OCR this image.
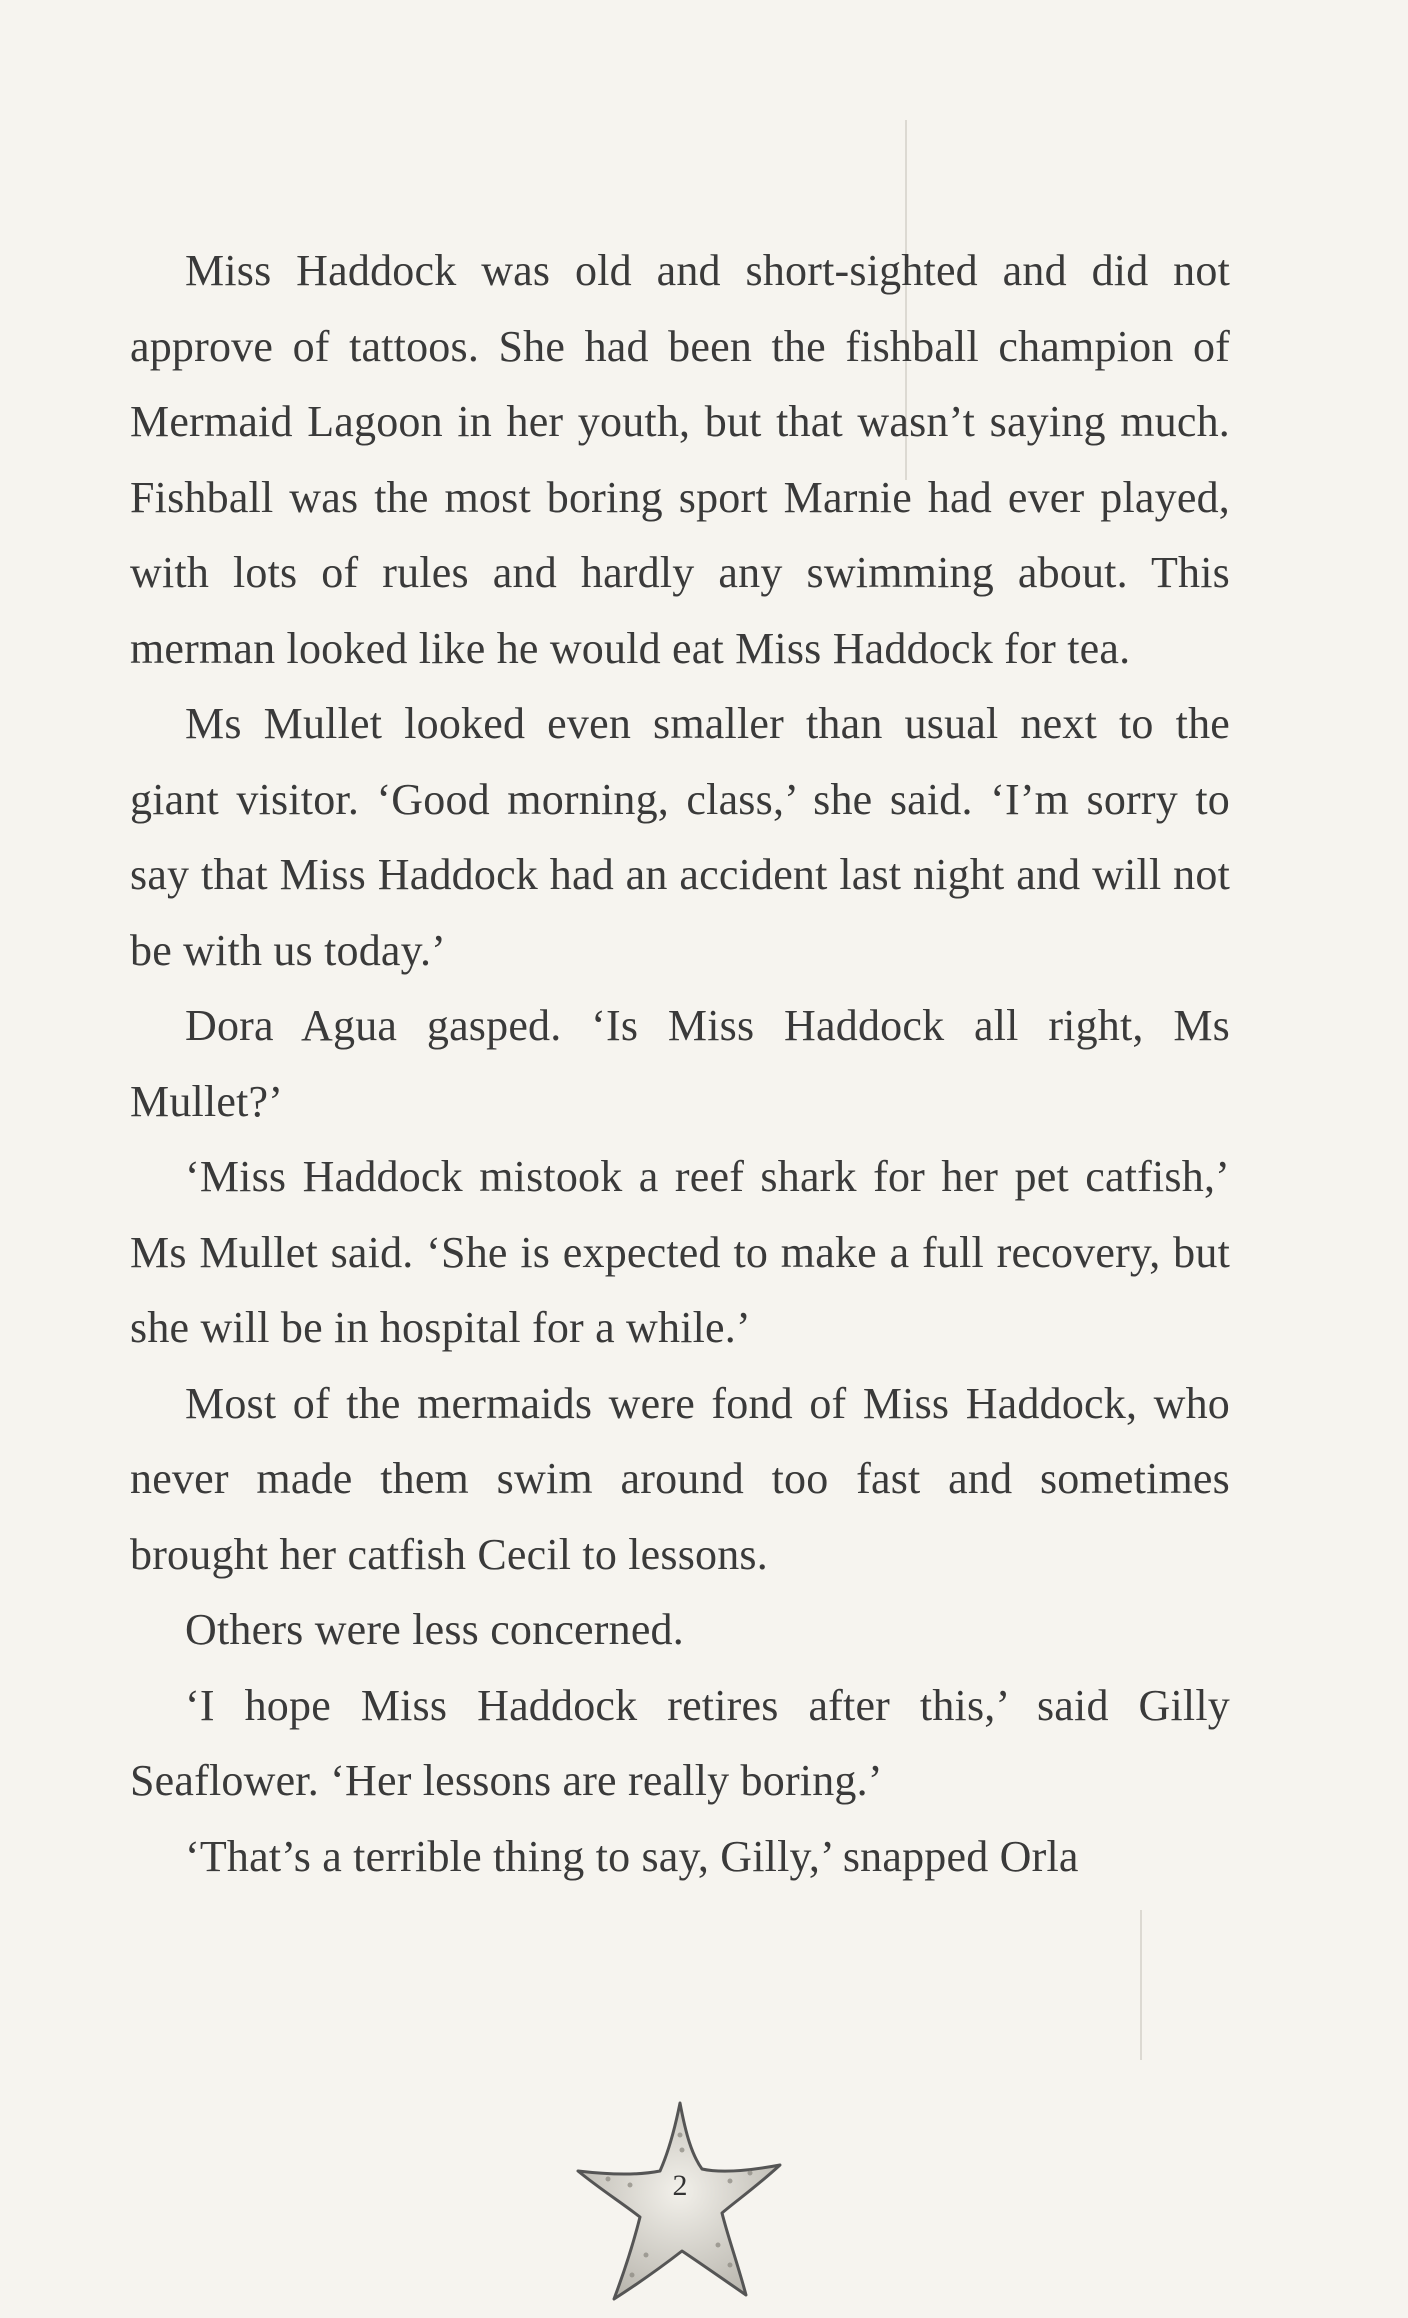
Miss Haddock was old and short-sighted and did not approve of tattoos. She had been the fishball champion of Mermaid Lagoon in her youth, but that wasn’t saying much. Fishball was the most boring sport Marnie had ever played, with lots of rules and hardly any swimming about. This merman looked like he would eat Miss Haddock for tea.

Ms Mullet looked even smaller than usual next to the giant visitor. ‘Good morning, class,’ she said. ‘I’m sorry to say that Miss Haddock had an accident last night and will not be with us today.’

Dora Agua gasped. ‘Is Miss Haddock all right, Ms Mullet?’

‘Miss Haddock mistook a reef shark for her pet catfish,’ Ms Mullet said. ‘She is expected to make a full recovery, but she will be in hospital for a while.’

Most of the mermaids were fond of Miss Haddock, who never made them swim around too fast and sometimes brought her catfish Cecil to lessons.

Others were less concerned.

‘I hope Miss Haddock retires after this,’ said Gilly Seaflower. ‘Her lessons are really boring.’

‘That’s a terrible thing to say, Gilly,’ snapped Orla

2
